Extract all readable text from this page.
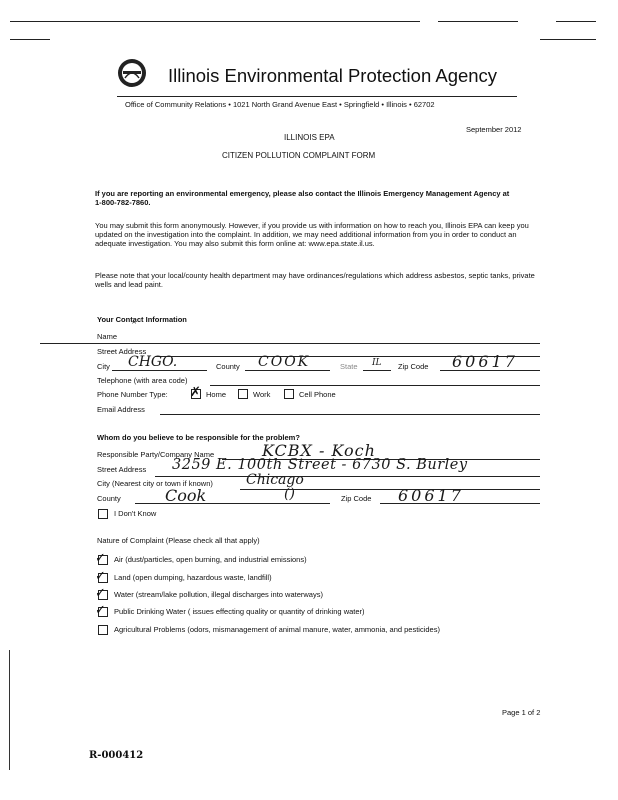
Illinois Environmental Protection Agency
Office of Community Relations • 1021 North Grand Avenue East • Springfield • Illinois • 62702
September 2012
ILLINOIS EPA
CITIZEN POLLUTION COMPLAINT FORM
If you are reporting an environmental emergency, please also contact the Illinois Emergency Management Agency at 1-800-782-7860.
You may submit this form anonymously. However, if you provide us with information on how to reach you, Illinois EPA can keep you updated on the investigation into the complaint. In addition, we may need additional information from you in order to conduct an adequate investigation. You may also submit this form online at: www.epa.state.il.us.
Please note that your local/county health department may have ordinances/regulations which address asbestos, septic tanks, private wells and lead paint.
Your Contact Information
Name
ˆ
Street Address
City CHGO.	County COOK	State IL Zip Code 60617
Telephone (with area code)
Phone Number Type: ✗ Home	Work	Cell Phone
Email Address
Whom do you believe to be responsible for the problem?
Responsible Party/Company Name	KCBX - Koch
Street Address 3259 E. 100th Street - 6730 S. Burley
City (Nearest city or town if known) Chicago
County	Cook	()	Zip Code 60617
I Don't Know
Nature of Complaint (Please check all that apply)
✓ Air (dust/particles, open burning, and industrial emissions)
✓ Land (open dumping, hazardous waste, landfill)
✓ Water (stream/lake pollution, illegal discharges into waterways)
✓ Public Drinking Water ( issues effecting quality or quantity of drinking water)
Agricultural Problems (odors, mismanagement of animal manure, water, ammonia, and pesticides)
Page 1 of 2
R-000412
